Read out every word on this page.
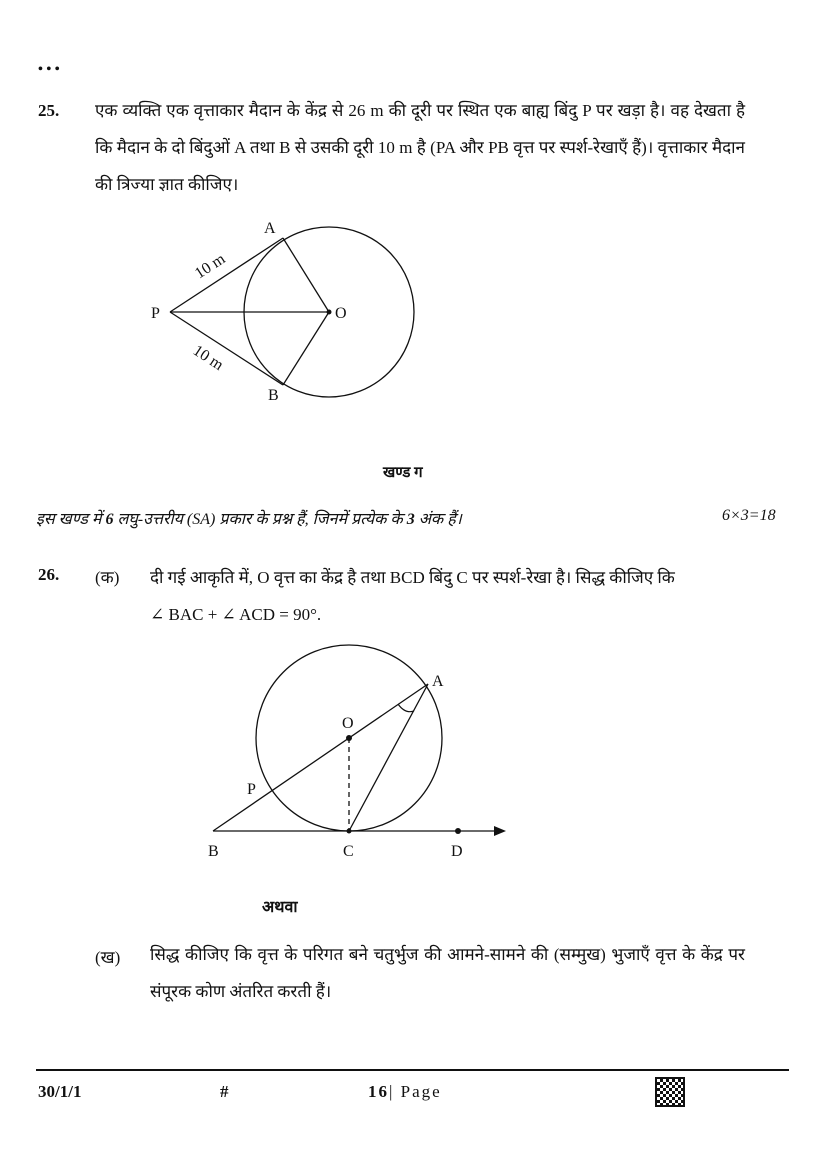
• • •
25. एक व्यक्ति एक वृत्ताकार मैदान के केंद्र से 26 m की दूरी पर स्थित एक बाह्य बिंदु P पर खड़ा है। वह देखता है कि मैदान के दो बिंदुओं A तथा B से उसकी दूरी 10 m है (PA और PB वृत्त पर स्पर्श-रेखाएँ हैं)। वृत्ताकार मैदान की त्रिज्या ज्ञात कीजिए।
A
B
P	O
10 m
10 m
O
A
B	C	D
P
खण्ड ग
इस खण्ड में 6 लघु-उत्तरीय (SA) प्रकार के प्रश्न हैं, जिनमें प्रत्येक के 3 अंक हैं।	6×3=18
26. (क) दी गई आकृति में, O वृत्त का केंद्र है तथा BCD बिंदु C पर स्पर्श-रेखा है। सिद्ध कीजिए कि
∠ BAC + ∠ ACD = 90°.
अथवा
(ख) सिद्ध कीजिए कि वृत्त के परिगत बने चतुर्भुज की आमने-सामने की (सम्मुख) भुजाएँ वृत्त के केंद्र पर संपूरक कोण अंतरित करती हैं।
30/1/1	#	16| Page
